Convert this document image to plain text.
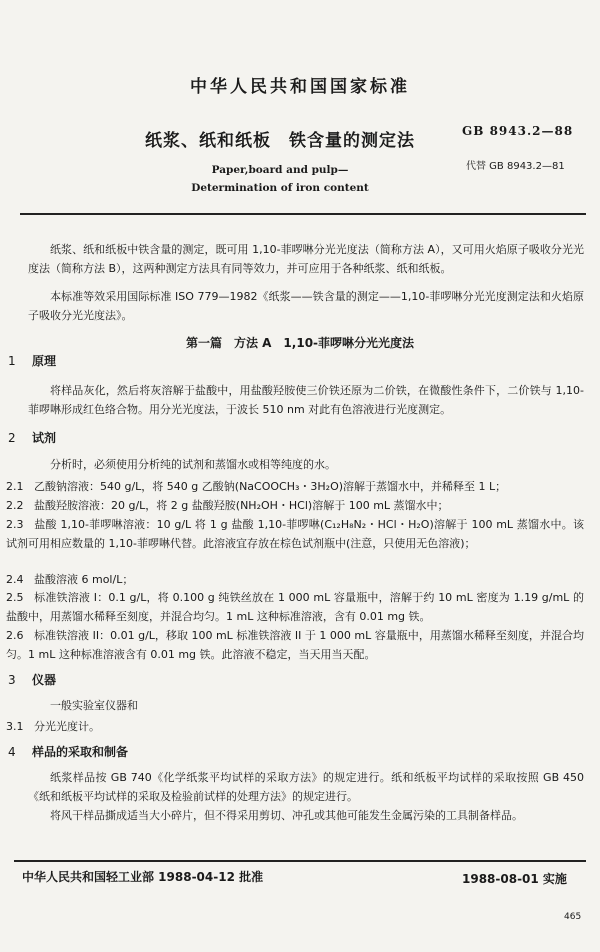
中华人民共和国国家标准
纸浆、纸和纸板　铁含量的测定法	GB 8943.2—88
Paper,board and pulp—
Determination of iron content
代替 GB 8943.2—81
纸浆、纸和纸板中铁含量的测定，既可用 1,10-菲啰啉分光光度法（简称方法 A），又可用火焰原子吸收分光光度法（简称方法 B），这两种测定方法具有同等效力，并可应用于各种纸浆、纸和纸板。
本标准等效采用国际标准 ISO 779—1982《纸浆——铁含量的测定——1,10-菲啰啉分光光度测定法和火焰原子吸收分光光度法》。
第一篇　方法 A　1,10-菲啰啉分光光度法
1 原理
将样品灰化，然后将灰溶解于盐酸中，用盐酸羟胺使三价铁还原为二价铁，在微酸性条件下，二价铁与 1,10-菲啰啉形成红色络合物。用分光光度法，于波长 510 nm 对此有色溶液进行光度测定。
2 试剂
分析时，必须使用分析纯的试剂和蒸馏水或相等纯度的水。
2.1 乙酸钠溶液：540 g/L，将 540 g 乙酸钠(NaCOOCH₃・3H₂O)溶解于蒸馏水中，并稀释至 1 L；
2.2 盐酸羟胺溶液：20 g/L，将 2 g 盐酸羟胺(NH₂OH・HCl)溶解于 100 mL 蒸馏水中；
2.3 盐酸 1,10-菲啰啉溶液：10 g/L 将 1 g 盐酸 1,10-菲啰啉(C₁₂H₈N₂・HCl・H₂O)溶解于 100 mL 蒸馏水中。该试剂可用相应数量的 1,10-菲啰啉代替。此溶液宜存放在棕色试剂瓶中(注意，只使用无色溶液)；
2.4 盐酸溶液 6 mol/L；
2.5 标准铁溶液 I：0.1 g/L，将 0.100 g 纯铁丝放在 1 000 mL 容量瓶中，溶解于约 10 mL 密度为 1.19 g/mL 的盐酸中，用蒸馏水稀释至刻度，并混合均匀。1 mL 这种标准溶液，含有 0.01 mg 铁。
2.6 标准铁溶液 II：0.01 g/L，移取 100 mL 标准铁溶液 II 于 1 000 mL 容量瓶中，用蒸馏水稀释至刻度，并混合均匀。1 mL 这种标准溶液含有 0.01 mg 铁。此溶液不稳定，当天用当天配。
3 仪器
一般实验室仪器和
3.1 分光光度计。
4 样品的采取和制备
纸浆样品按 GB 740《化学纸浆平均试样的采取方法》的规定进行。纸和纸板平均试样的采取按照 GB 450《纸和纸板平均试样的采取及检验前试样的处理方法》的规定进行。
将风干样品撕成适当大小碎片，但不得采用剪切、冲孔或其他可能发生金属污染的工具制备样品。
中华人民共和国轻工业部 1988-04-12 批准	1988-08-01 实施
465
